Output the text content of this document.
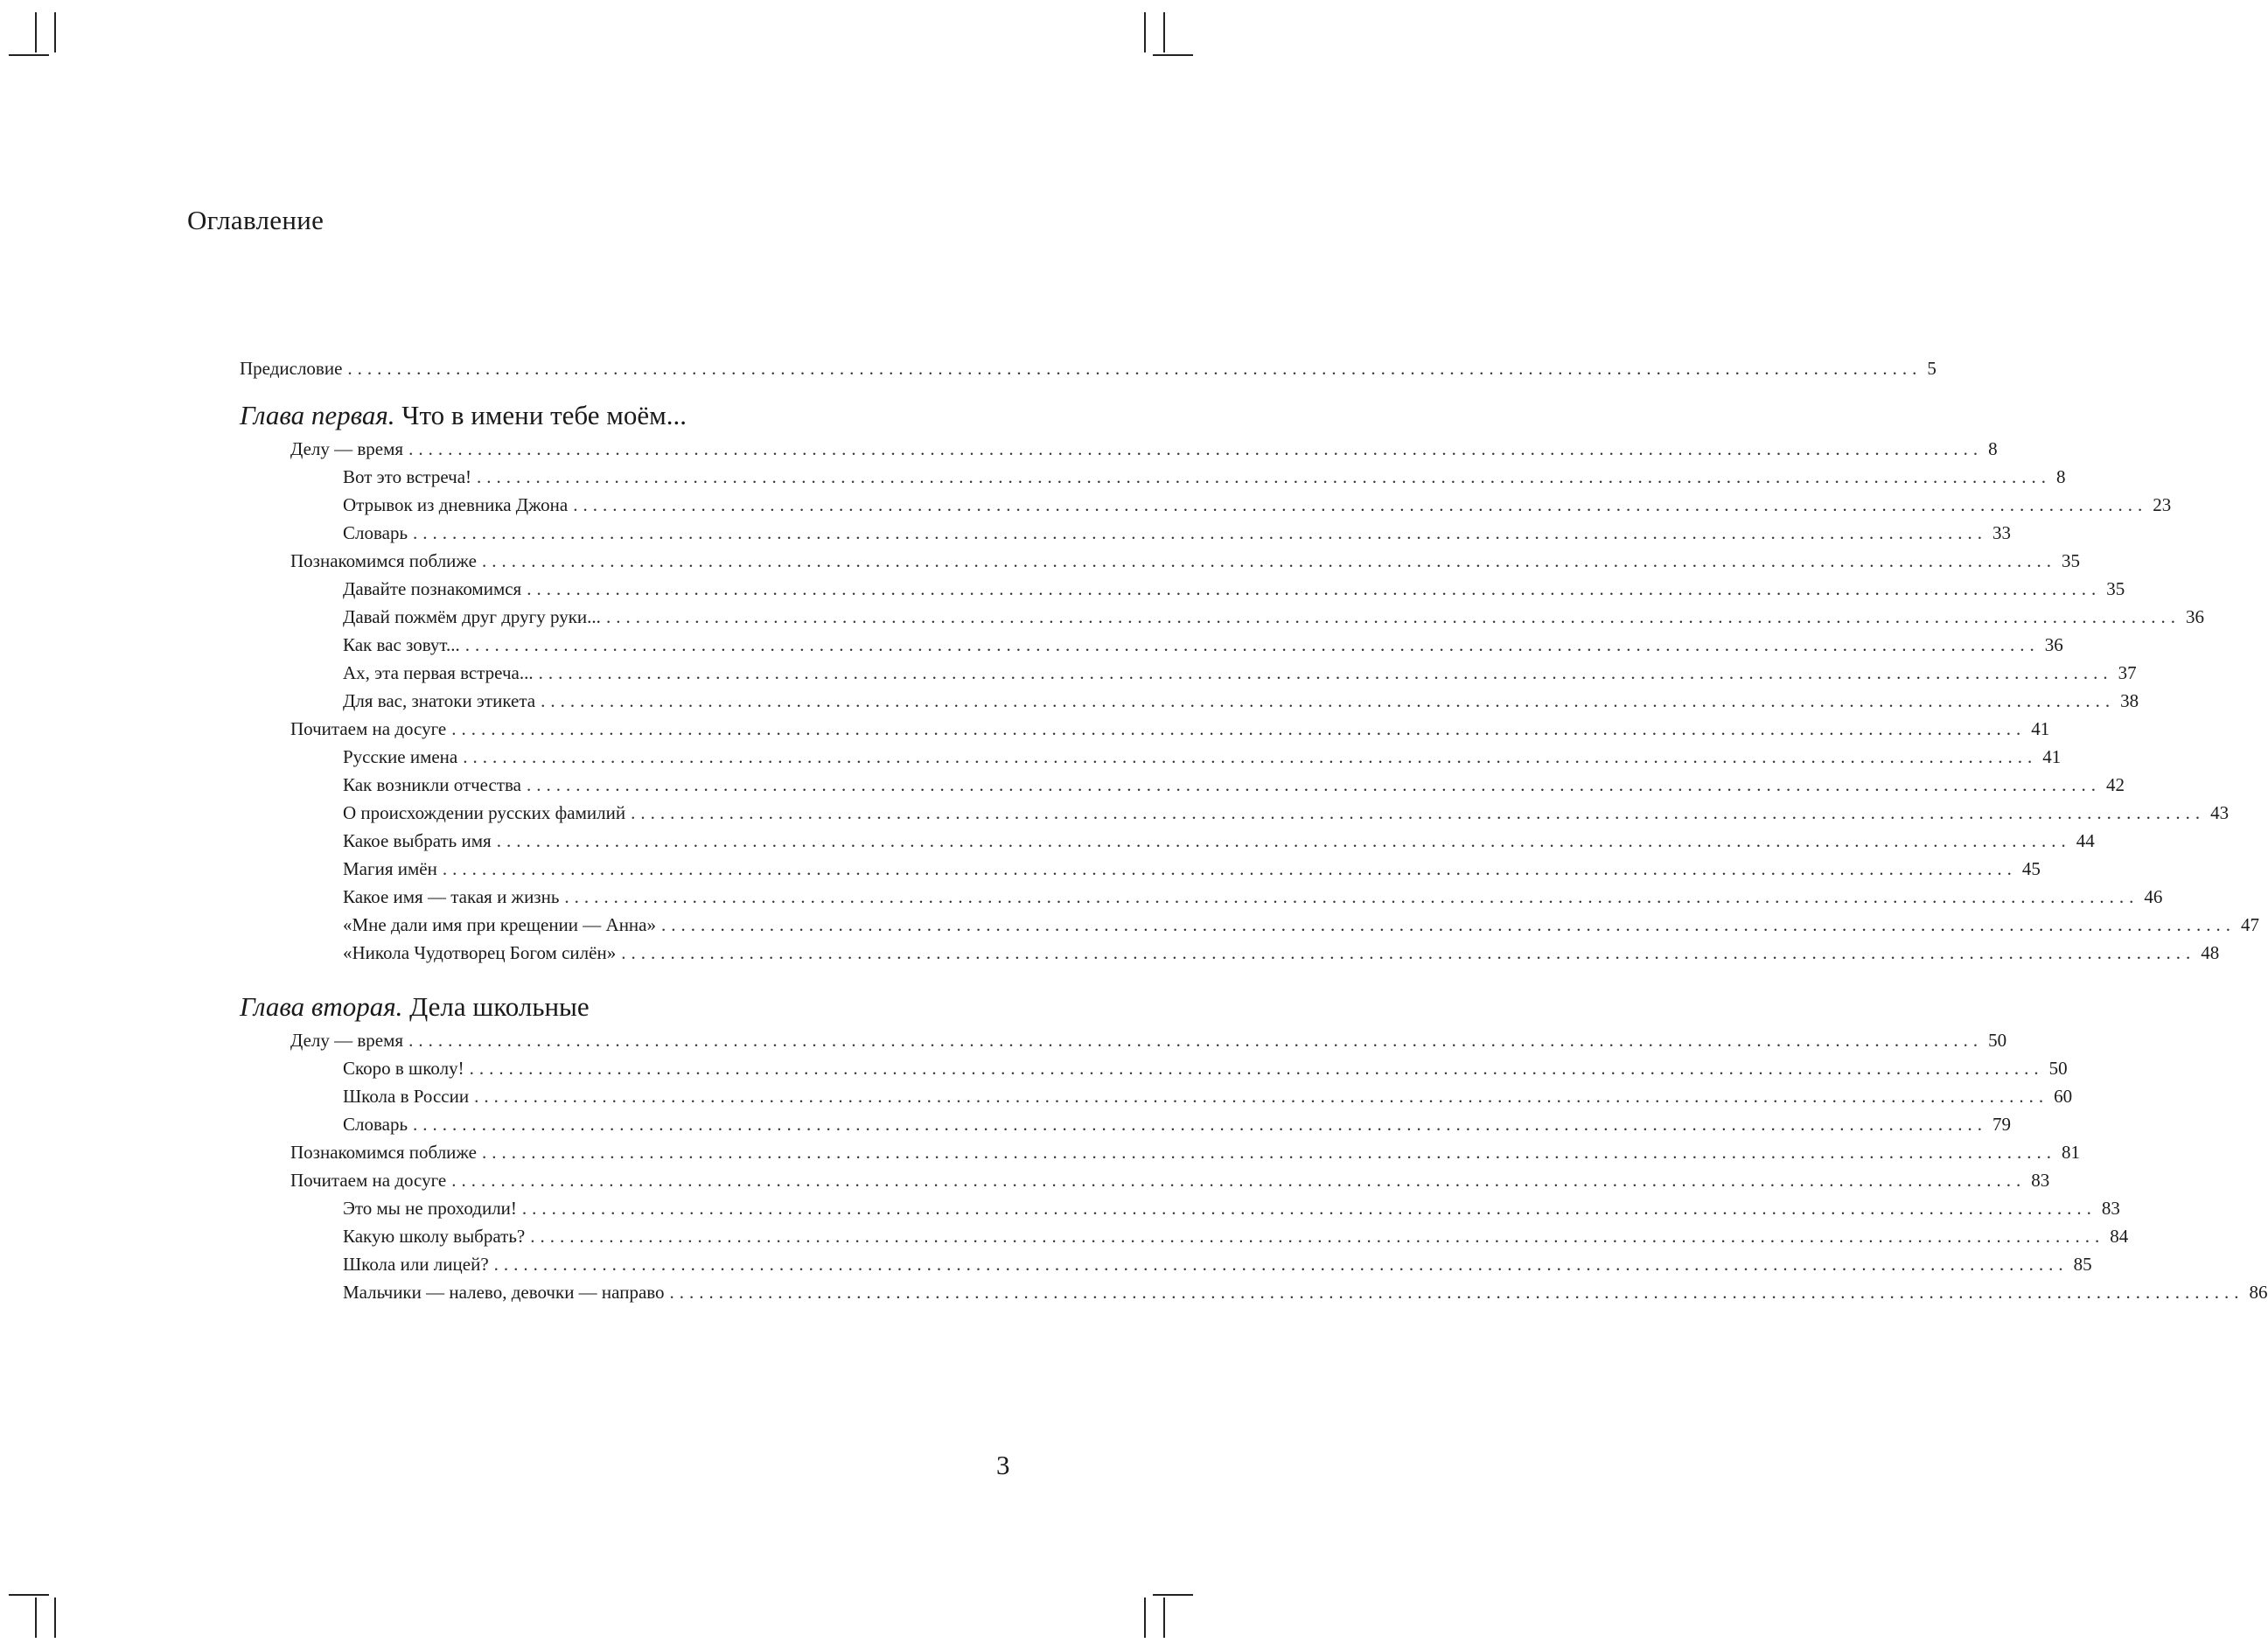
Оглавление
Предисловие ................................................................................................................................................................ 5
Глава первая. Что в имени тебе моём...
Делу — время ................................................................................................................................................................ 8
Вот это встреча! ................................................................................................................................................................ 8
Отрывок из дневника Джона ................................................................................................................................................................ 23
Словарь ................................................................................................................................................................ 33
Познакомимся поближе ................................................................................................................................................................ 35
Давайте познакомимся ................................................................................................................................................................ 35
Давай пожмём друг другу руки... ................................................................................................................................................................ 36
Как вас зовут... ................................................................................................................................................................ 36
Ах, эта первая встреча... ................................................................................................................................................................ 37
Для вас, знатоки этикета ................................................................................................................................................................ 38
Почитаем на досуге ................................................................................................................................................................ 41
Русские имена ................................................................................................................................................................ 41
Как возникли отчества ................................................................................................................................................................ 42
О происхождении русских фамилий ................................................................................................................................................................ 43
Какое выбрать имя ................................................................................................................................................................ 44
Магия имён ................................................................................................................................................................ 45
Какое имя — такая и жизнь ................................................................................................................................................................ 46
«Мне дали имя при крещении — Анна» ................................................................................................................................................................ 47
«Никола Чудотворец Богом силён» ................................................................................................................................................................ 48
Глава вторая. Дела школьные
Делу — время ................................................................................................................................................................ 50
Скоро в школу! ................................................................................................................................................................ 50
Школа в России ................................................................................................................................................................ 60
Словарь ................................................................................................................................................................ 79
Познакомимся поближе ................................................................................................................................................................ 81
Почитаем на досуге ................................................................................................................................................................ 83
Это мы не проходили! ................................................................................................................................................................ 83
Какую школу выбрать? ................................................................................................................................................................ 84
Школа или лицей? ................................................................................................................................................................ 85
Мальчики — налево, девочки — направо ................................................................................................................................................................ 86
3
